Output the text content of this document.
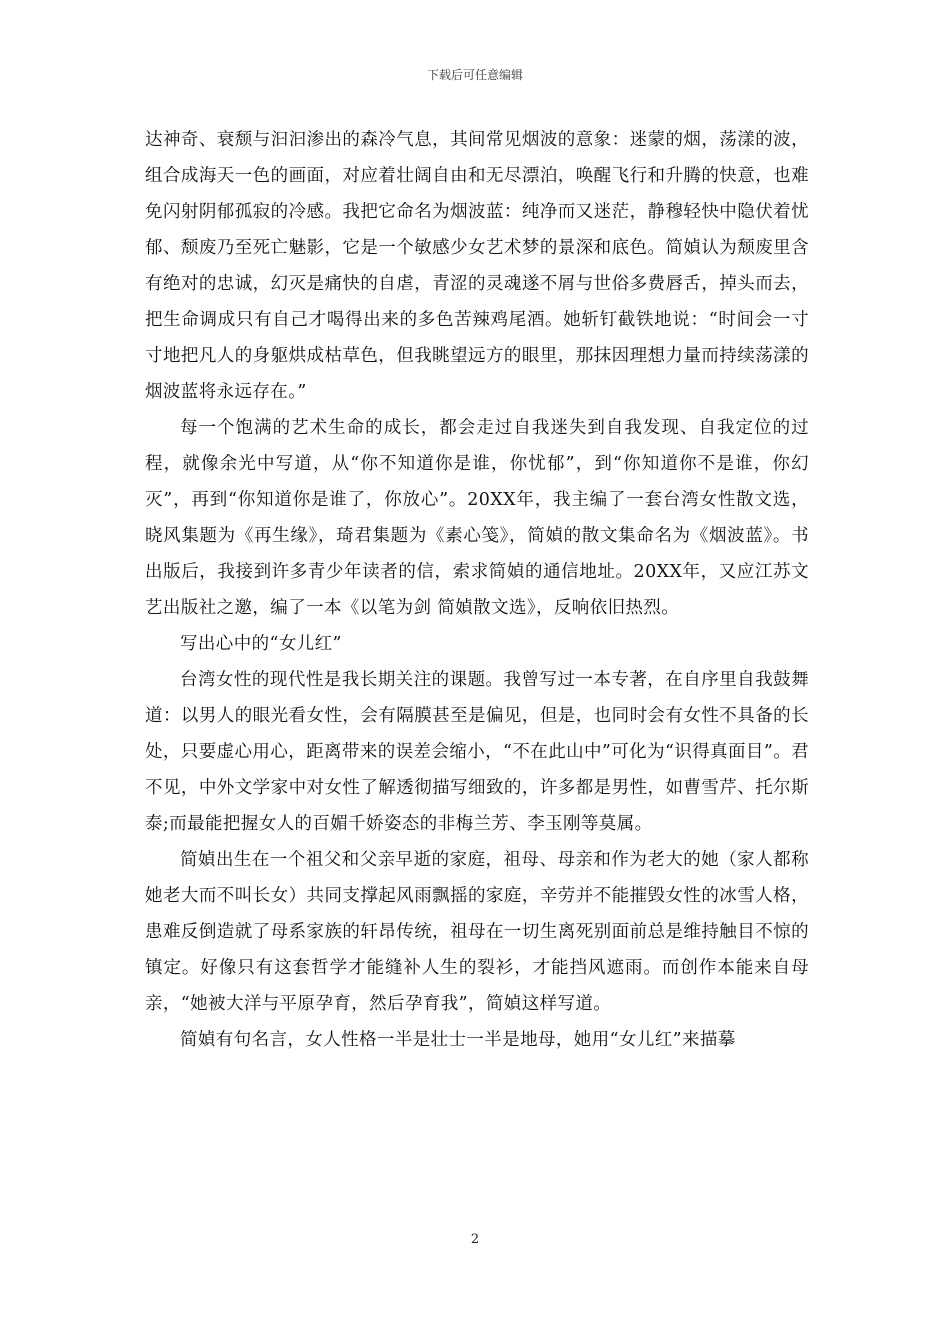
下载后可任意编辑

达神奇、衰颓与汩汩渗出的森冷气息，其间常见烟波的意象：迷蒙的烟，荡漾的波，组合成海天一色的画面，对应着壮阔自由和无尽漂泊，唤醒飞行和升腾的快意，也难免闪射阴郁孤寂的冷感。我把它命名为烟波蓝：纯净而又迷茫，静穆轻快中隐伏着忧郁、颓废乃至死亡魅影，它是一个敏感少女艺术梦的景深和底色。简媜认为颓废里含有绝对的忠诚，幻灭是痛快的自虐，青涩的灵魂遂不屑与世俗多费唇舌，掉头而去，把生命调成只有自己才喝得出来的多色苦辣鸡尾酒。她斩钉截铁地说：“时间会一寸寸地把凡人的身躯烘成枯草色，但我眺望远方的眼里，那抹因理想力量而持续荡漾的烟波蓝将永远存在。”

每一个饱满的艺术生命的成长，都会走过自我迷失到自我发现、自我定位的过程，就像余光中写道，从“你不知道你是谁，你忧郁”，到“你知道你不是谁，你幻灭”，再到“你知道你是谁了，你放心”。20XX年，我主编了一套台湾女性散文选，晓风集题为《再生缘》，琦君集题为《素心笺》，简媜的散文集命名为《烟波蓝》。书出版后，我接到许多青少年读者的信，索求简媜的通信地址。20XX年，又应江苏文艺出版社之邀，编了一本《以笔为剑 简媜散文选》，反响依旧热烈。

写出心中的“女儿红”

台湾女性的现代性是我长期关注的课题。我曾写过一本专著，在自序里自我鼓舞道：以男人的眼光看女性，会有隔膜甚至是偏见，但是，也同时会有女性不具备的长处，只要虚心用心，距离带来的误差会缩小，“不在此山中”可化为“识得真面目”。君不见，中外文学家中对女性了解透彻描写细致的，许多都是男性，如曹雪芹、托尔斯泰;而最能把握女人的百媚千娇姿态的非梅兰芳、李玉刚等莫属。

简媜出生在一个祖父和父亲早逝的家庭，祖母、母亲和作为老大的她（家人都称她老大而不叫长女）共同支撑起风雨飘摇的家庭，辛劳并不能摧毁女性的冰雪人格，患难反倒造就了母系家族的轩昂传统，祖母在一切生离死别面前总是维持触目不惊的镇定。好像只有这套哲学才能缝补人生的裂衫，才能挡风遮雨。而创作本能来自母亲，“她被大洋与平原孕育，然后孕育我”，简媜这样写道。

简媜有句名言，女人性格一半是壮士一半是地母，她用“女儿红”来描摹

2
